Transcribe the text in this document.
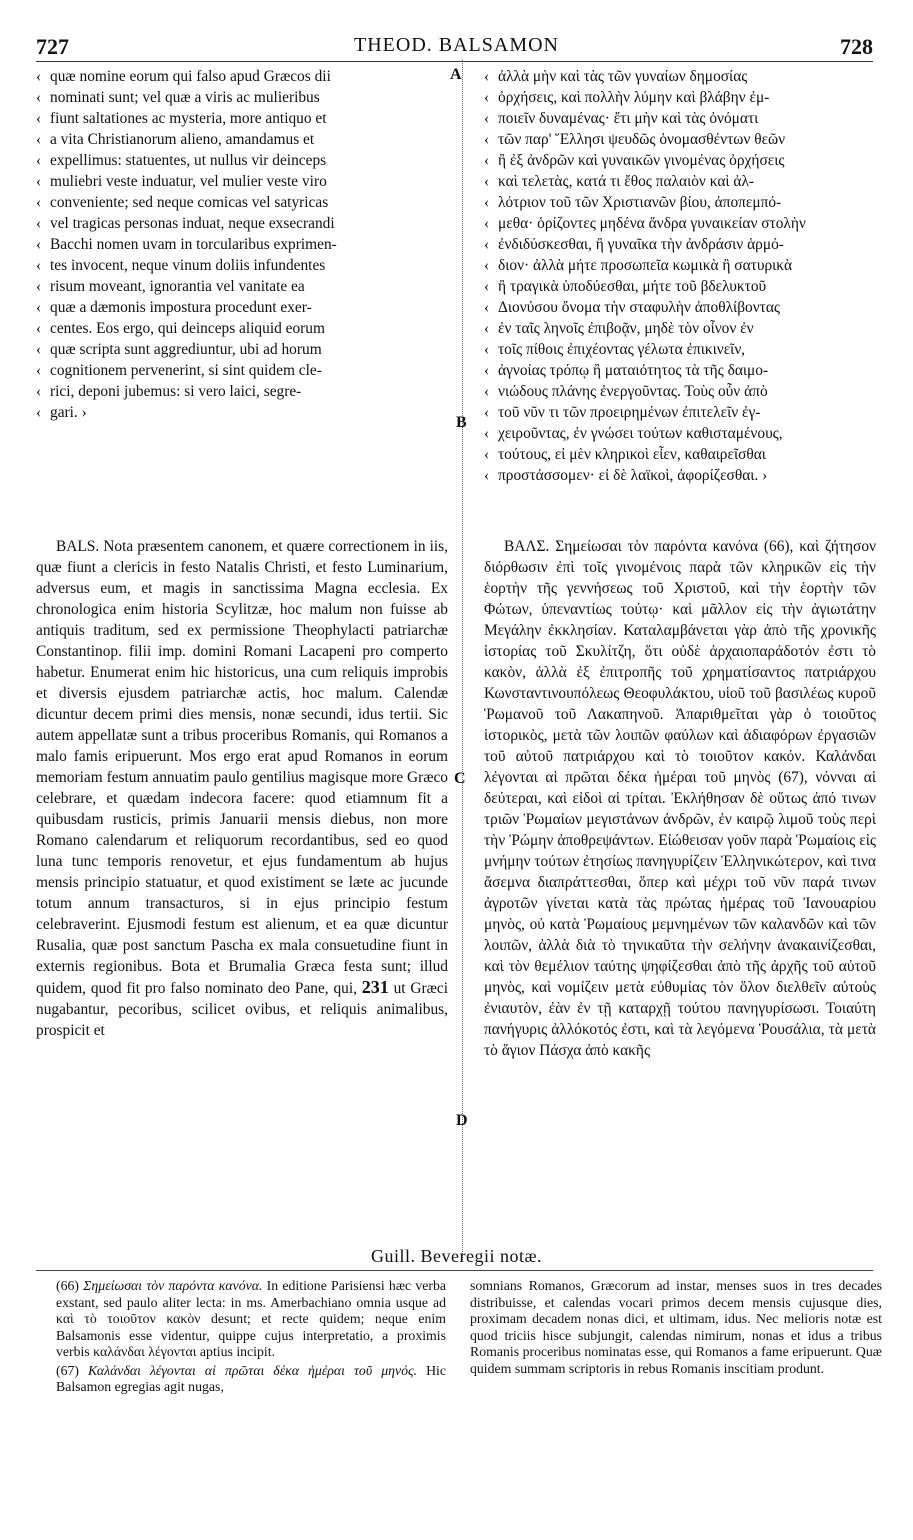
727	THEOD. BALSAMON	728
‹ quæ nomine eorum qui falso apud Græcos dii
‹ nominati sunt; vel quæ a viris ac mulieribus
‹ fiunt saltationes ac mysteria, more antiquo et
‹ a vita Christianorum alieno, amandamus et
‹ expellimus: statuentes, ut nullus vir deinceps
‹ muliebri veste induatur, vel mulier veste viro
‹ conveniente; sed neque comicas vel satyricas
‹ vel tragicas personas induat, neque exsecrandi
‹ Bacchi nomen uvam in torcularibus exprimen-
‹ tes invocent, neque vinum doliis infundentes
‹ risum moveant, ignorantia vel vanitate ea
‹ quæ a dæmonis impostura procedunt exer-
‹ centes. Eos ergo, qui deinceps aliquid eorum
‹ quæ scripta sunt aggrediuntur, ubi ad horum
‹ cognitionem pervenerint, si sint quidem cle-
‹ rici, deponi jubemus: si vero laici, segre-
‹ gari. ›
‹ ἀλλὰ μὴν καὶ τὰς τῶν γυναίων δημοσίας
‹ ὀρχήσεις, καὶ πολλὴν λύμην καὶ βλάβην ἐμ-
‹ ποιεῖν δυναμένας· ἔτι μὴν καὶ τὰς ὀνόματι
‹ τῶν παρ' Ἕλλησι ψευδῶς ὀνομασθέντων θεῶν
‹ ἢ ἐξ ἀνδρῶν καὶ γυναικῶν γινομένας ὀρχήσεις
‹ καὶ τελετὰς, κατά τι ἔθος παλαιὸν καὶ ἀλ-
‹ λότριον τοῦ τῶν Χριστιανῶν βίου, ἀποπεμπό-
‹ μεθα· ὁρίζοντες μηδένα ἄνδρα γυναικείαν στολὴν
‹ ἐνδιδύσκεσθαι, ἢ γυναῖκα τὴν ἀνδράσιν ἁρμό-
‹ διον· ἀλλὰ μήτε προσωπεῖα κωμικὰ ἢ σατυρικὰ
‹ ἢ τραγικὰ ὑποδύεσθαι, μήτε τοῦ βδελυκτοῦ
‹ Διονύσου ὄνομα τὴν σταφυλὴν ἀποθλίβοντας
‹ ἐν ταῖς ληνοῖς ἐπιβοᾷν, μηδὲ τὸν οἶνον ἐν
‹ τοῖς πίθοις ἐπιχέοντας γέλωτα ἐπικινεῖν,
‹ ἀγνοίας τρόπῳ ἢ ματαιότητος τὰ τῆς δαιμο-
‹ νιώδους πλάνης ἐνεργοῦντας. Τοὺς οὖν ἀπὸ
‹ τοῦ νῦν τι τῶν προειρημένων ἐπιτελεῖν ἐγ-
‹ χειροῦντας, ἐν γνώσει τούτων καθισταμένους,
‹ τούτους, εἰ μὲν κληρικοὶ εἶεν, καθαιρεῖσθαι
‹ προστάσσομεν· εἰ δὲ λαϊκοὶ, ἀφορίζεσθαι. ›
A
B
C
D

BALS. Nota præsentem canonem, et quære correctionem in iis, quæ fiunt a clericis in festo Natalis Christi, et festo Luminarium, adversus eum, et magis in sanctissima Magna ecclesia. Ex chronologica enim historia Scylitzæ, hoc malum non fuisse ab antiquis traditum, sed ex permissione Theophylacti patriarchæ Constantinop. filii imp. domini Romani Lacapeni pro comperto habetur. Enumerat enim hic historicus, una cum reliquis improbis et diversis ejusdem patriarchæ actis, hoc malum. Calendæ dicuntur decem primi dies mensis, nonæ secundi, idus tertii. Sic autem appellatæ sunt a tribus proceribus Romanis, qui Romanos a malo famis eripuerunt. Mos ergo erat apud Romanos in eorum memoriam festum annuatim paulo gentilius magisque more Græco celebrare, et quædam indecora facere: quod etiamnum fit a quibusdam rusticis, primis Januarii mensis diebus, non more Romano calendarum et reliquorum recordantibus, sed eo quod luna tunc temporis renovetur, et ejus fundamentum ab hujus mensis principio statuatur, et quod existiment se læte ac jucunde totum annum transacturos, si in ejus principio festum celebraverint. Ejusmodi festum est alienum, et ea quæ dicuntur Rusalia, quæ post sanctum Pascha ex mala consuetudine fiunt in externis regionibus. Bota et Brumalia Græca festa sunt; illud quidem, quod fit pro falso nominato deo Pane, qui, 231 ut Græci nugabantur, pecoribus, scilicet ovibus, et reliquis animalibus, prospicit et

ΒΑΛΣ. Σημείωσαι τὸν παρόντα κανόνα (66), καὶ ζήτησον διόρθωσιν ἐπὶ τοῖς γινομένοις παρὰ τῶν κληρικῶν εἰς τὴν ἑορτὴν τῆς γεννήσεως τοῦ Χριστοῦ, καὶ τὴν ἑορτὴν τῶν Φώτων, ὑπεναντίως τούτῳ· καὶ μᾶλλον εἰς τὴν ἁγιωτάτην Μεγάλην ἐκκλησίαν. Καταλαμβάνεται γὰρ ἀπὸ τῆς χρονικῆς ἱστορίας τοῦ Σκυλίτζη, ὅτι οὐδὲ ἀρχαιοπαράδοτόν ἐστι τὸ κακὸν, ἀλλὰ ἐξ ἐπιτροπῆς τοῦ χρηματίσαντος πατριάρχου Κωνσταντινουπόλεως Θεοφυλάκτου, υἱοῦ τοῦ βασιλέως κυροῦ Ῥωμανοῦ τοῦ Λακαπηνοῦ. Ἀπαριθμεῖται γὰρ ὁ τοιοῦτος ἱστορικὸς, μετὰ τῶν λοιπῶν φαύλων καὶ ἀδιαφόρων ἐργασιῶν τοῦ αὐτοῦ πατριάρχου καὶ τὸ τοιοῦτον κακόν. Καλάνδαι λέγονται αἱ πρῶται δέκα ἡμέραι τοῦ μηνὸς (67), νόνναι αἱ δεύτεραι, καὶ εἰδοὶ αἱ τρίται. Ἐκλήθησαν δὲ οὕτως ἀπό τινων τριῶν Ῥωμαίων μεγιστάνων ἀνδρῶν, ἐν καιρῷ λιμοῦ τοὺς περὶ τὴν Ῥώμην ἀποθρεψάντων. Εἰώθεισαν γοῦν παρὰ Ῥωμαίοις εἰς μνήμην τούτων ἐτησίως πανηγυρίζειν Ἑλληνικώτερον, καὶ τινα ἄσεμνα διαπράττεσθαι, ὅπερ καὶ μέχρι τοῦ νῦν παρά τινων ἀγροτῶν γίνεται κατὰ τὰς πρώτας ἡμέρας τοῦ Ἰανουαρίου μηνὸς, οὐ κατὰ Ῥωμαίους μεμνημένων τῶν καλανδῶν καὶ τῶν λοιπῶν, ἀλλὰ διὰ τὸ τηνικαῦτα τὴν σελήνην ἀνακαινίζεσθαι, καὶ τὸν θεμέλιον ταύτης ψηφίζεσθαι ἀπὸ τῆς ἀρχῆς τοῦ αὐτοῦ μηνὸς, καὶ νομίζειν μετὰ εὐθυμίας τὸν ὅλον διελθεῖν αὐτοὺς ἐνιαυτὸν, ἐὰν ἐν τῇ καταρχῇ τούτου πανηγυρίσωσι. Τοιαύτη πανήγυρις ἀλλόκοτός ἐστι, καὶ τὰ λεγόμενα Ῥουσάλια, τὰ μετὰ τὸ ἅγιον Πάσχα ἀπὸ κακῆς

Guill. Beveregii notæ.

(66) Σημείωσαι τὸν παρόντα κανόνα. In editione Parisiensi hæc verba exstant, sed paulo aliter lecta: in ms. Amerbachiano omnia usque ad καὶ τὸ τοιοῦτον κακὸν desunt; et recte quidem; neque enim Balsamonis esse videntur, quippe cujus interpretatio, a proximis verbis καλάνδαι λέγονται aptius incipit.

(67) Καλάνδαι λέγονται αἱ πρῶται δέκα ἡμέραι τοῦ μηνός. Hic Balsamon egregias agit nugas,

somnians Romanos, Græcorum ad instar, menses suos in tres decades distribuisse, et calendas vocari primos decem mensis cujusque dies, proximam decadem nonas dici, et ultimam, idus. Nec melioris notæ est quod triciis hisce subjungit, calendas nimirum, nonas et idus a tribus Romanis proceribus nominatas esse, qui Romanos a fame eripuerunt. Quæ quidem summam scriptoris in rebus Romanis inscitiam produnt.
